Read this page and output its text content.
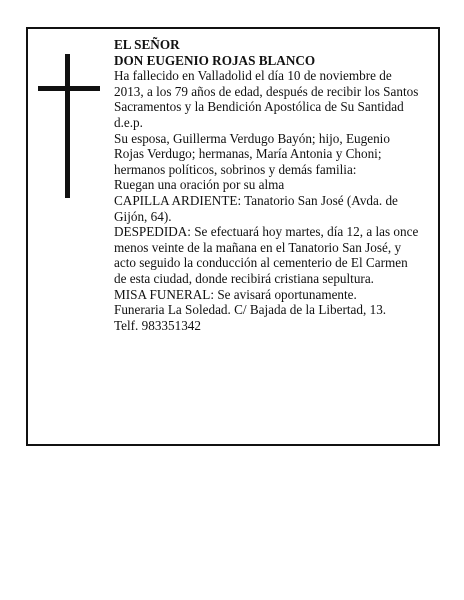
EL SEÑOR

DON EUGENIO ROJAS BLANCO

Ha fallecido en Valladolid el día 10 de noviembre de 2013, a los 79 años de edad, después de recibir los Santos Sacramentos y la Bendición Apostólica de Su Santidad

d.e.p.

Su esposa, Guillerma Verdugo Bayón; hijo, Eugenio Rojas Verdugo; hermanas, María Antonia y Choni; hermanos políticos, sobrinos y demás familia:

Ruegan una oración por su alma

CAPILLA ARDIENTE: Tanatorio San José (Avda. de Gijón, 64).

DESPEDIDA: Se efectuará hoy martes, día 12, a las once menos veinte de la mañana en el Tanatorio San José, y acto seguido la conducción al cementerio de El Carmen de esta ciudad, donde recibirá cristiana sepultura.

MISA FUNERAL: Se avisará oportunamente.

Funeraria La Soledad. C/ Bajada de la Libertad, 13.

Telf. 983351342
